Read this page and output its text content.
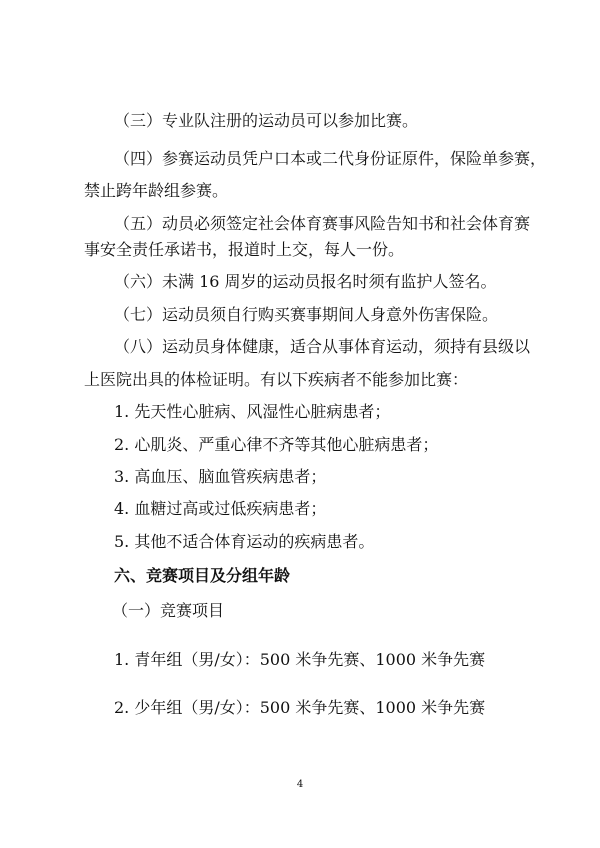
（三）专业队注册的运动员可以参加比赛。
（四）参赛运动员凭户口本或二代身份证原件，保险单参赛，
禁止跨年龄组参赛。
（五）动员必须签定社会体育赛事风险告知书和社会体育赛
事安全责任承诺书，报道时上交，每人一份。
（六）未满 16 周岁的运动员报名时须有监护人签名。
（七）运动员须自行购买赛事期间人身意外伤害保险。
（八）运动员身体健康，适合从事体育运动，须持有县级以
上医院出具的体检证明。有以下疾病者不能参加比赛：
1. 先天性心脏病、风湿性心脏病患者；
2. 心肌炎、严重心律不齐等其他心脏病患者；
3. 高血压、脑血管疾病患者；
4. 血糖过高或过低疾病患者；
5. 其他不适合体育运动的疾病患者。
六、竞赛项目及分组年龄
（一）竞赛项目
1. 青年组（男/女）：500 米争先赛、1000 米争先赛
2. 少年组（男/女）：500 米争先赛、1000 米争先赛
4
